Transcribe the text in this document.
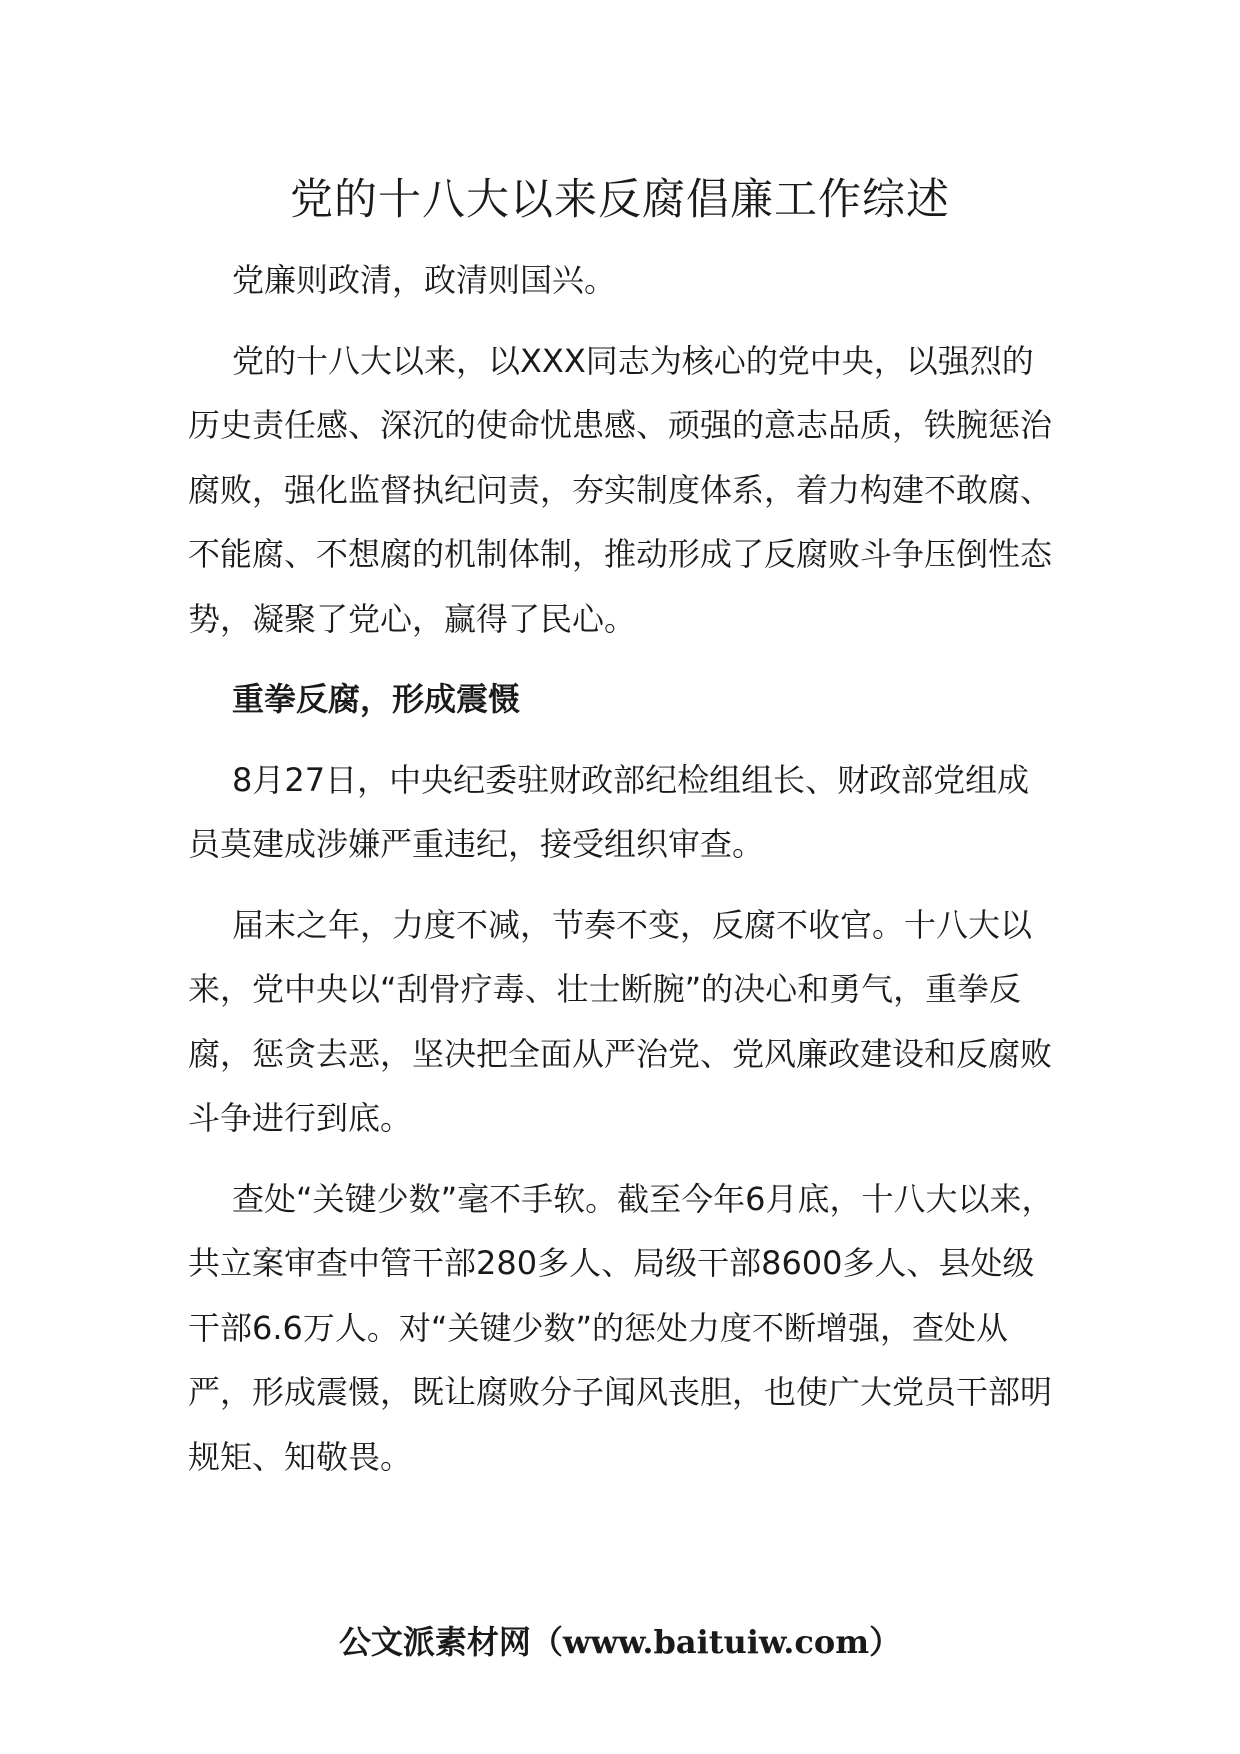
党的十八大以来反腐倡廉工作综述

党廉则政清，政清则国兴。

党的十八大以来，以XXX同志为核心的党中央，以强烈的历史责任感、深沉的使命忧患感、顽强的意志品质，铁腕惩治腐败，强化监督执纪问责，夯实制度体系，着力构建不敢腐、不能腐、不想腐的机制体制，推动形成了反腐败斗争压倒性态势，凝聚了党心，赢得了民心。

重拳反腐，形成震慑

8月27日，中央纪委驻财政部纪检组组长、财政部党组成员莫建成涉嫌严重违纪，接受组织审查。

届末之年，力度不减，节奏不变，反腐不收官。十八大以来，党中央以“刮骨疗毒、壮士断腕”的决心和勇气，重拳反腐，惩贪去恶，坚决把全面从严治党、党风廉政建设和反腐败斗争进行到底。

查处“关键少数”毫不手软。截至今年6月底，十八大以来，共立案审查中管干部280多人、局级干部8600多人、县处级干部6.6万人。对“关键少数”的惩处力度不断增强，查处从严，形成震慑，既让腐败分子闻风丧胆，也使广大党员干部明规矩、知敬畏。

公文派素材网（www.baituiw.com）
